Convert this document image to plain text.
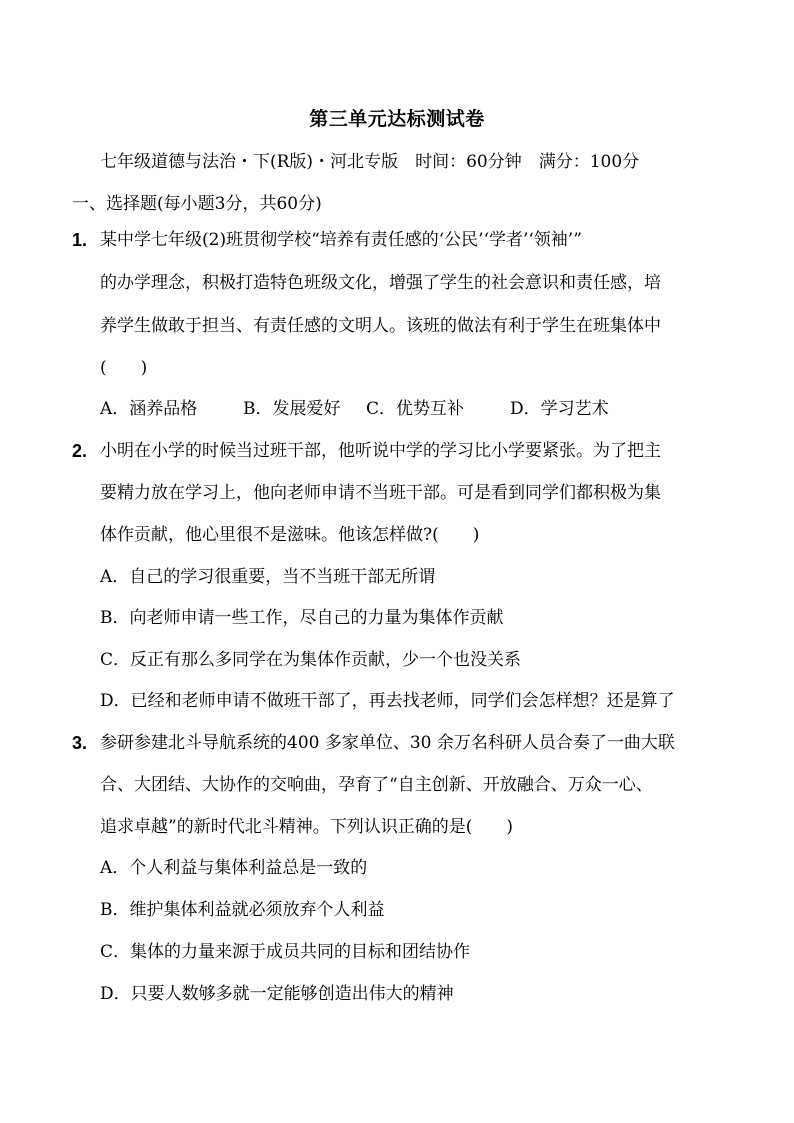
第三单元达标测试卷
七年级道德与法治・下(R版)・河北专版　时间：60分钟　满分：100分
一、选择题(每小题3分，共60分)
1. 某中学七年级(2)班贯彻学校“培养有责任感的‘公民’‘学者’‘领袖’”
的办学理念，积极打造特色班级文化，增强了学生的社会意识和责任感，培
养学生做敢于担当、有责任感的文明人。该班的做法有利于学生在班集体中
(　　)
A．涵养品格	B．发展爱好 C．优势互补	D．学习艺术
2. 小明在小学的时候当过班干部，他听说中学的学习比小学要紧张。为了把主
要精力放在学习上，他向老师申请不当班干部。可是看到同学们都积极为集
体作贡献，他心里很不是滋味。他该怎样做?(　　)
A．自己的学习很重要，当不当班干部无所谓
B．向老师申请一些工作，尽自己的力量为集体作贡献
C．反正有那么多同学在为集体作贡献，少一个也没关系
D．已经和老师申请不做班干部了，再去找老师，同学们会怎样想？还是算了
3. 参研参建北斗导航系统的400 多家单位、30 余万名科研人员合奏了一曲大联
合、大团结、大协作的交响曲，孕育了“自主创新、开放融合、万众一心、
追求卓越”的新时代北斗精神。下列认识正确的是(　　)
A．个人利益与集体利益总是一致的
B．维护集体利益就必须放弃个人利益
C．集体的力量来源于成员共同的目标和团结协作
D．只要人数够多就一定能够创造出伟大的精神
